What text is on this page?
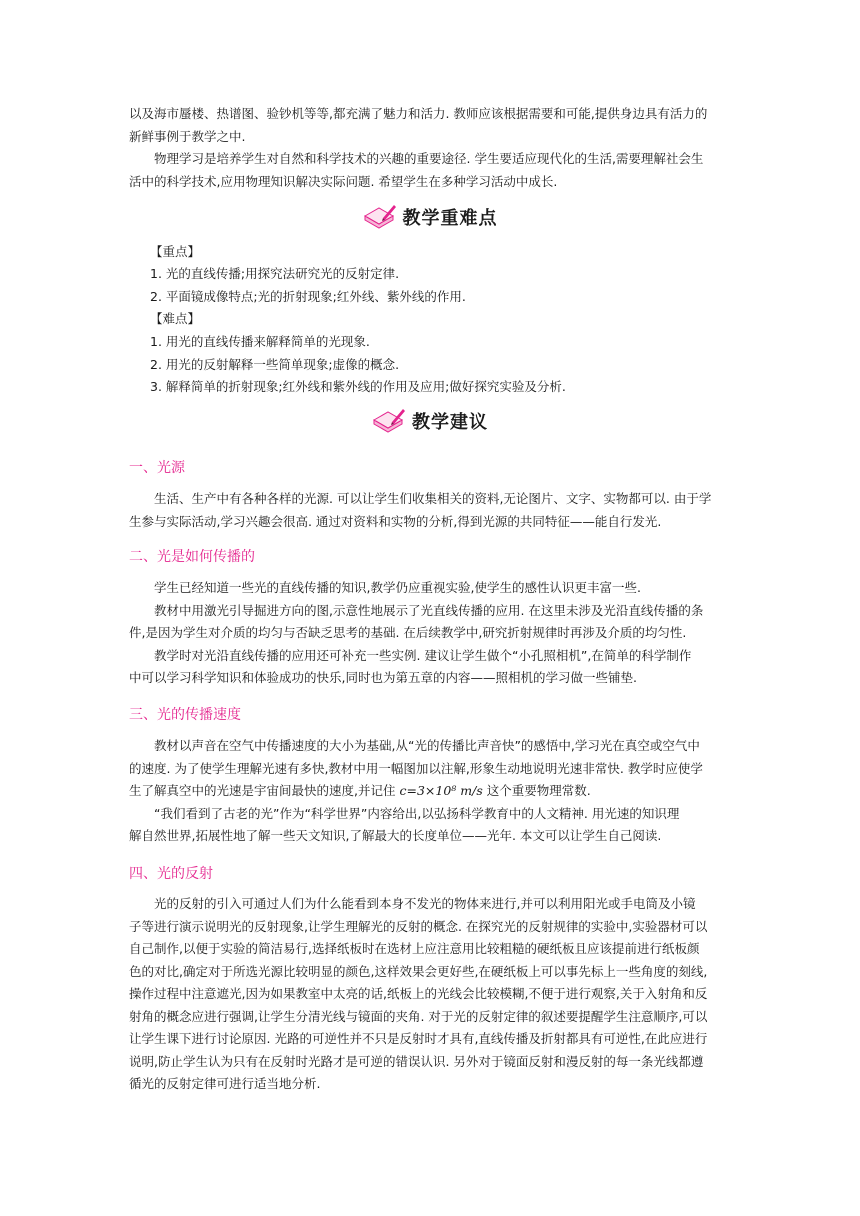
以及海市蜃楼、热谱图、验钞机等等,都充满了魅力和活力. 教师应该根据需要和可能,提供身边具有活力的
新鲜事例于教学之中.
物理学习是培养学生对自然和科学技术的兴趣的重要途径. 学生要适应现代化的生活,需要理解社会生
活中的科学技术,应用物理知识解决实际问题. 希望学生在多种学习活动中成长.
教学重难点
【重点】
1. 光的直线传播;用探究法研究光的反射定律.
2. 平面镜成像特点;光的折射现象;红外线、紫外线的作用.
【难点】
1. 用光的直线传播来解释简单的光现象.
2. 用光的反射解释一些简单现象;虚像的概念.
3. 解释简单的折射现象;红外线和紫外线的作用及应用;做好探究实验及分析.
教学建议
一、光源
生活、生产中有各种各样的光源. 可以让学生们收集相关的资料,无论图片、文字、实物都可以. 由于学
生参与实际活动,学习兴趣会很高. 通过对资料和实物的分析,得到光源的共同特征——能自行发光.
二、光是如何传播的
学生已经知道一些光的直线传播的知识,教学仍应重视实验,使学生的感性认识更丰富一些.
教材中用激光引导掘进方向的图,示意性地展示了光直线传播的应用. 在这里未涉及光沿直线传播的条
件,是因为学生对介质的均匀与否缺乏思考的基础. 在后续教学中,研究折射规律时再涉及介质的均匀性.
教学时对光沿直线传播的应用还可补充一些实例. 建议让学生做个“小孔照相机”,在简单的科学制作
中可以学习科学知识和体验成功的快乐,同时也为第五章的内容——照相机的学习做一些铺垫.
三、光的传播速度
教材以声音在空气中传播速度的大小为基础,从“光的传播比声音快”的感悟中,学习光在真空或空气中
的速度. 为了使学生理解光速有多快,教材中用一幅图加以注解,形象生动地说明光速非常快. 教学时应使学
生了解真空中的光速是宇宙间最快的速度,并记住 c=3×10⁸ m/s 这个重要物理常数.
“我们看到了古老的光”作为“科学世界”内容给出,以弘扬科学教育中的人文精神. 用光速的知识理
解自然世界,拓展性地了解一些天文知识,了解最大的长度单位——光年. 本文可以让学生自己阅读.
四、光的反射
光的反射的引入可通过人们为什么能看到本身不发光的物体来进行,并可以利用阳光或手电筒及小镜
子等进行演示说明光的反射现象,让学生理解光的反射的概念. 在探究光的反射规律的实验中,实验器材可以
自己制作,以便于实验的简洁易行,选择纸板时在选材上应注意用比较粗糙的硬纸板且应该提前进行纸板颜
色的对比,确定对于所选光源比较明显的颜色,这样效果会更好些,在硬纸板上可以事先标上一些角度的刻线,
操作过程中注意遮光,因为如果教室中太亮的话,纸板上的光线会比较模糊,不便于进行观察,关于入射角和反
射角的概念应进行强调,让学生分清光线与镜面的夹角. 对于光的反射定律的叙述要提醒学生注意顺序,可以
让学生课下进行讨论原因. 光路的可逆性并不只是反射时才具有,直线传播及折射都具有可逆性,在此应进行
说明,防止学生认为只有在反射时光路才是可逆的错误认识. 另外对于镜面反射和漫反射的每一条光线都遵
循光的反射定律可进行适当地分析.
